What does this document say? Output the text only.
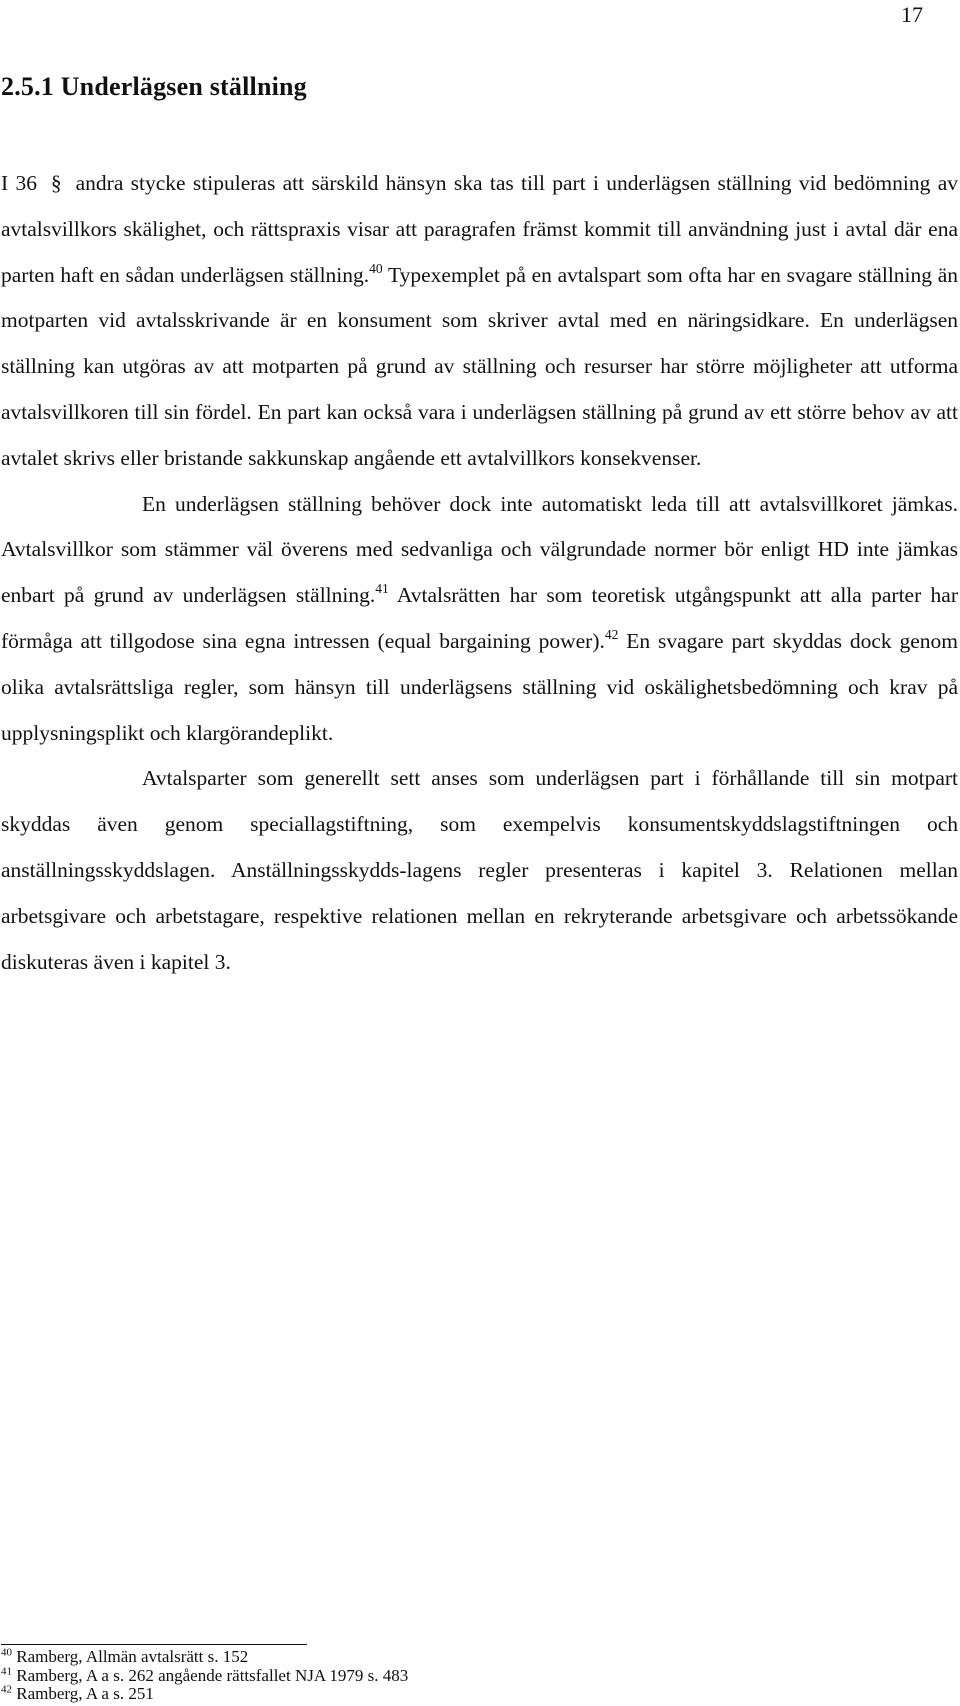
17
2.5.1 Underlägsen ställning

I 36 § andra stycke stipuleras att särskild hänsyn ska tas till part i underlägsen ställning vid bedömning av avtalsvillkors skälighet, och rättspraxis visar att paragrafen främst kommit till användning just i avtal där ena parten haft en sådan underlägsen ställning.$^{40}$ Typexemplet på en avtalspart som ofta har en svagare ställning än motparten vid avtalsskrivande är en konsument som skriver avtal med en näringsidkare. En underlägsen ställning kan utgöras av att motparten på grund av ställning och resurser har större möjligheter att utforma avtalsvillkoren till sin fördel. En part kan också vara i underlägsen ställning på grund av ett större behov av att avtalet skrivs eller bristande sakkunskap angående ett avtalvillkors konsekvenser.

En underlägsen ställning behöver dock inte automatiskt leda till att avtalsvillkoret jämkas. Avtalsvillkor som stämmer väl överens med sedvanliga och välgrundade normer bör enligt HD inte jämkas enbart på grund av underlägsen ställning.$^{41}$ Avtalsrätten har som teoretisk utgångspunkt att alla parter har förmåga att tillgodose sina egna intressen (equal bargaining power).$^{42}$ En svagare part skyddas dock genom olika avtalsrättsliga regler, som hänsyn till underlägsens ställning vid oskälighetsbedömning och krav på upplysningsplikt och klargörandeplikt.

Avtalsparter som generellt sett anses som underlägsen part i förhållande till sin motpart skyddas även genom speciallagstiftning, som exempelvis konsumentskyddslagstiftningen och anställningsskyddslagen. Anställningsskydds-lagens regler presenteras i kapitel 3. Relationen mellan arbetsgivare och arbetstagare, respektive relationen mellan en rekryterande arbetsgivare och arbetssökande diskuteras även i kapitel 3.

$^{40}$ Ramberg, Allmän avtalsrätt s. 152
$^{41}$ Ramberg, A a s. 262 angående rättsfallet NJA 1979 s. 483
$^{42}$ Ramberg, A a s. 251
